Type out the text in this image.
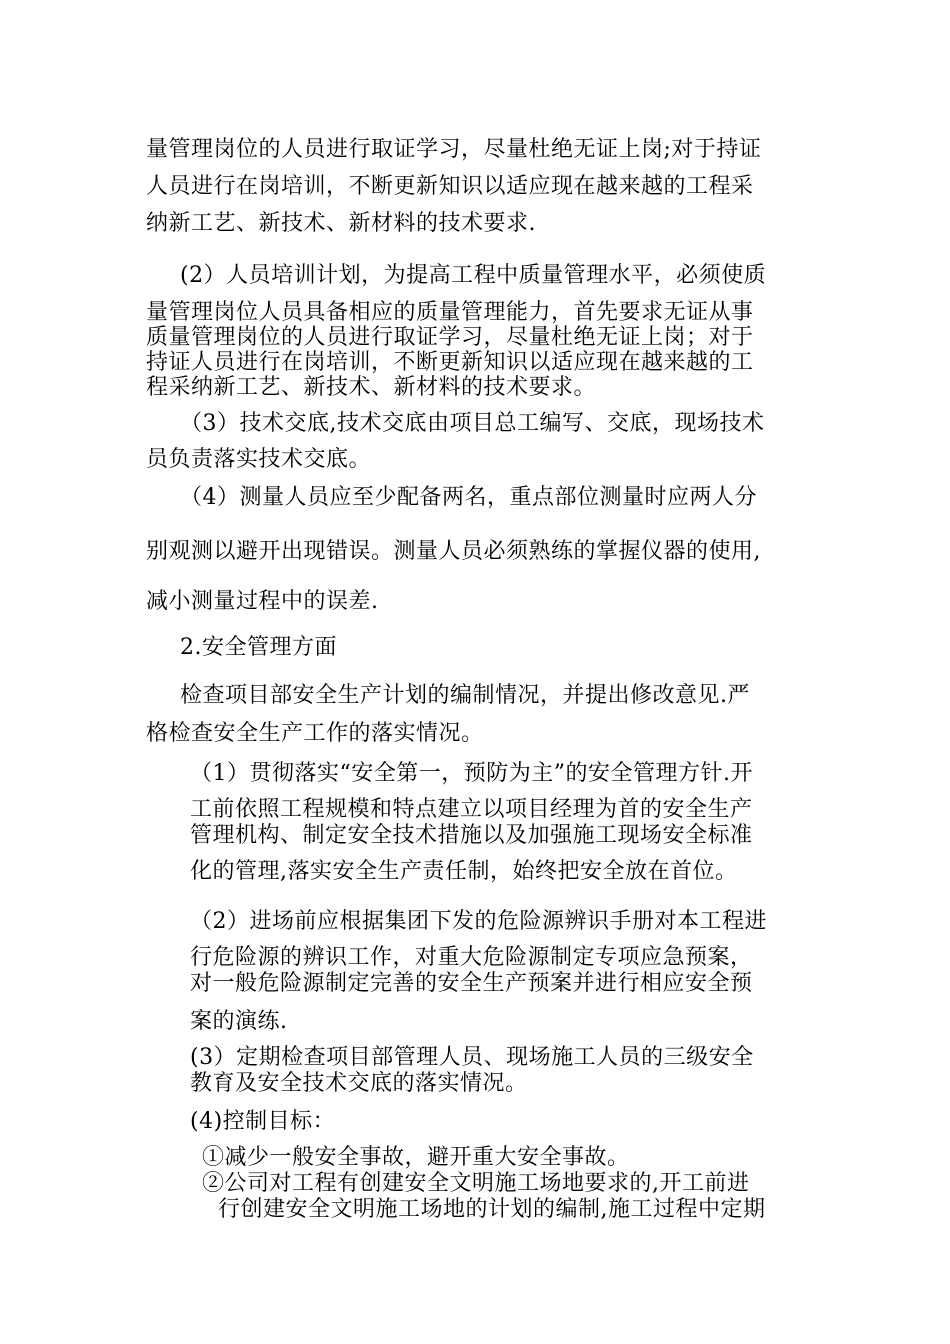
量管理岗位的人员进行取证学习，尽量杜绝无证上岗;对于持证
人员进行在岗培训，不断更新知识以适应现在越来越的工程采
纳新工艺、新技术、新材料的技术要求.
(2）人员培训计划，为提高工程中质量管理水平，必须使质
量管理岗位人员具备相应的质量管理能力，首先要求无证从事
质量管理岗位的人员进行取证学习，尽量杜绝无证上岗；对于
持证人员进行在岗培训，不断更新知识以适应现在越来越的工
程采纳新工艺、新技术、新材料的技术要求。
（3）技术交底,技术交底由项目总工编写、交底，现场技术
员负责落实技术交底。
（4）测量人员应至少配备两名，重点部位测量时应两人分
别观测以避开出现错误。测量人员必须熟练的掌握仪器的使用,
减小测量过程中的误差.
2.安全管理方面
检查项目部安全生产计划的编制情况，并提出修改意见.严
格检查安全生产工作的落实情况。
（1）贯彻落实“安全第一，预防为主”的安全管理方针.开
工前依照工程规模和特点建立以项目经理为首的安全生产
管理机构、制定安全技术措施以及加强施工现场安全标准
化的管理,落实安全生产责任制，始终把安全放在首位。
（2）进场前应根据集团下发的危险源辨识手册对本工程进
行危险源的辨识工作，对重大危险源制定专项应急预案，
对一般危险源制定完善的安全生产预案并进行相应安全预
案的演练.
(3）定期检查项目部管理人员、现场施工人员的三级安全
教育及安全技术交底的落实情况。
(4)控制目标：
①减少一般安全事故，避开重大安全事故。
②公司对工程有创建安全文明施工场地要求的,开工前进
行创建安全文明施工场地的计划的编制,施工过程中定期
